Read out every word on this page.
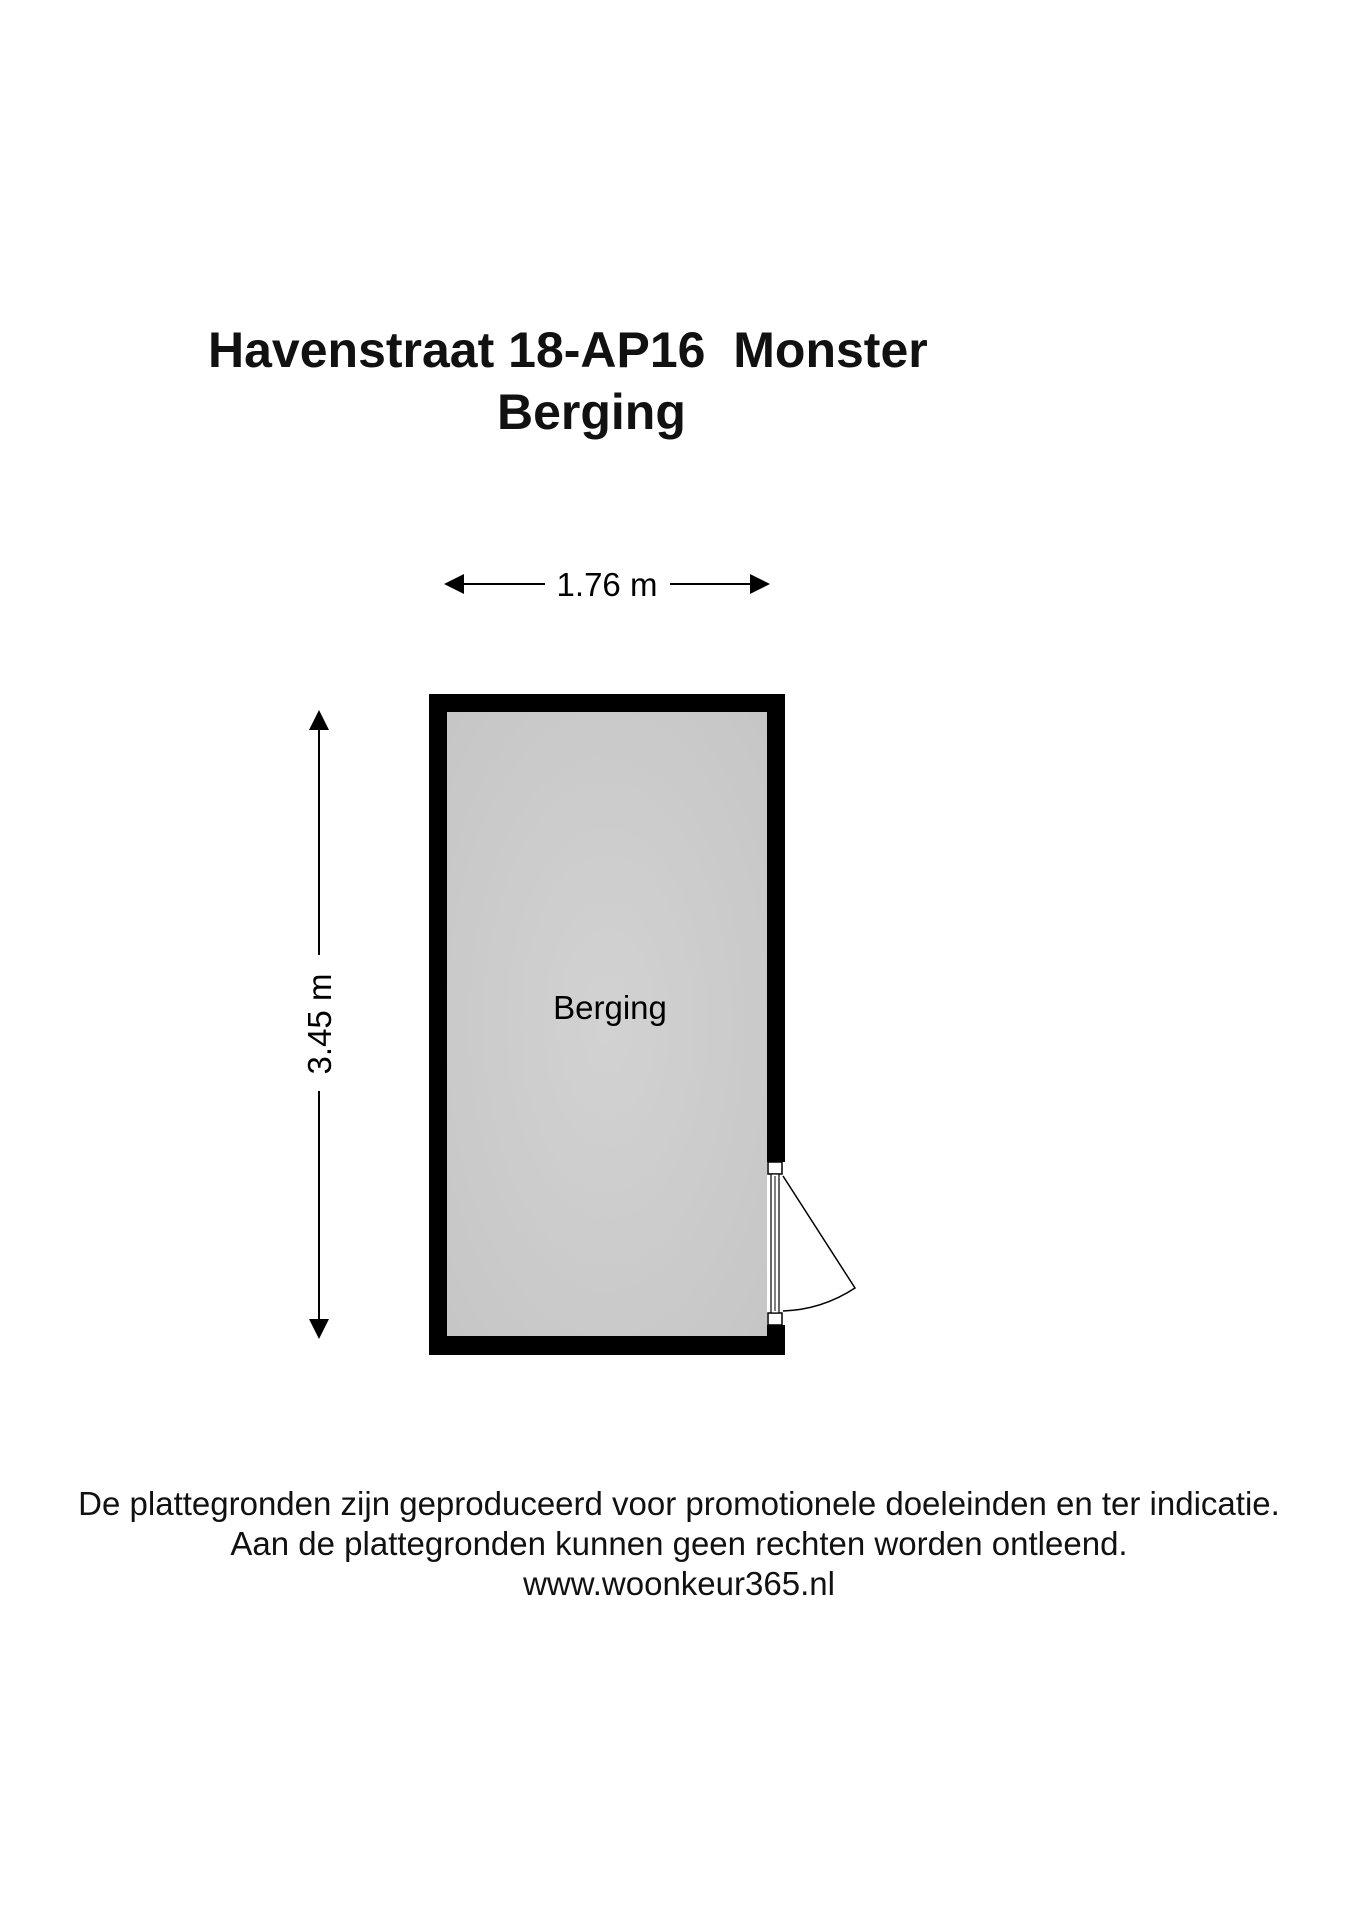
Havenstraat 18-AP16  Monster
Berging
1.76 m
3.45 m	Berging
De plattegronden zijn geproduceerd voor promotionele doeleinden en ter indicatie.
Aan de plattegronden kunnen geen rechten worden ontleend.
www.woonkeur365.nl
